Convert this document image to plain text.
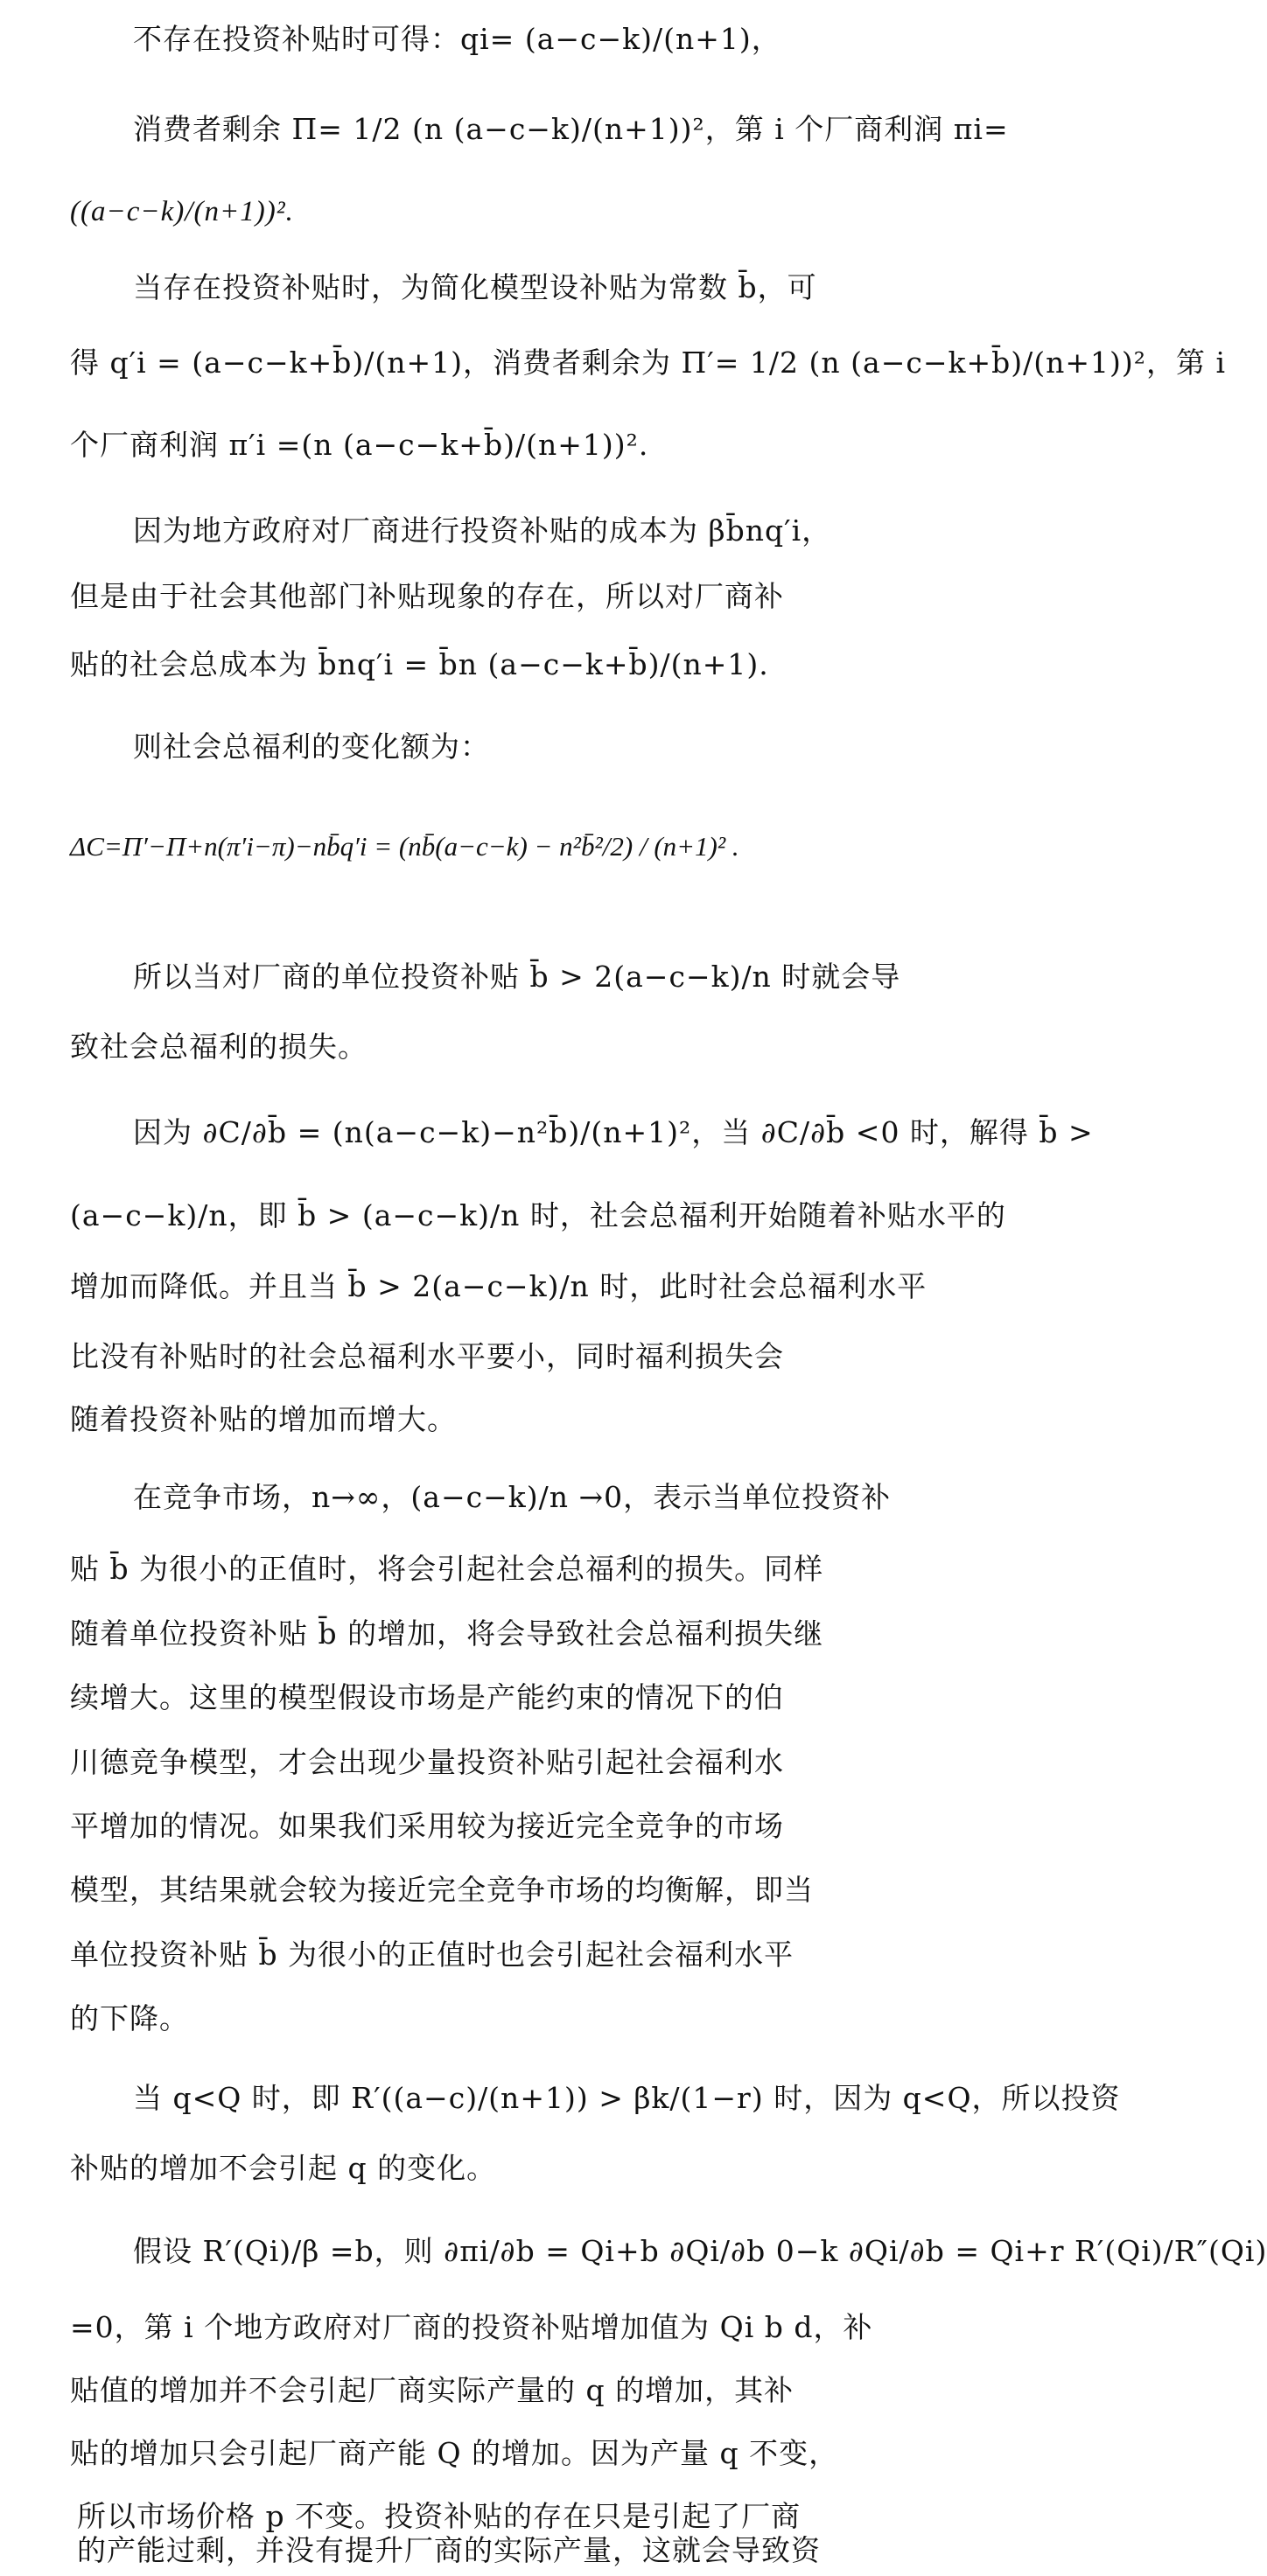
不存在投资补贴时可得：qi= (a−c−k)/(n+1)，
消费者剩余 Π= 1/2 (n (a−c−k)/(n+1))²，第 i 个厂商利润 πi=
((a−c−k)/(n+1))².
当存在投资补贴时，为简化模型设补贴为常数 b̄，可
得 q′i = (a−c−k+b̄)/(n+1)，消费者剩余为 Π′= 1/2 (n (a−c−k+b̄)/(n+1))²，第 i
个厂商利润 π′i =(n (a−c−k+b̄)/(n+1))².
因为地方政府对厂商进行投资补贴的成本为 βb̄nq′i，
但是由于社会其他部门补贴现象的存在，所以对厂商补
贴的社会总成本为 b̄nq′i = b̄n (a−c−k+b̄)/(n+1).
则社会总福利的变化额为：
ΔC=Π′−Π+n(π′i−π)−nb̄q′i = (nb̄(a−c−k) − n²b̄²/2) / (n+1)² .
所以当对厂商的单位投资补贴 b̄ > 2(a−c−k)/n 时就会导
致社会总福利的损失。
因为 ∂C/∂b̄ = (n(a−c−k)−n²b̄)/(n+1)²，当 ∂C/∂b̄ <0 时，解得 b̄ >
(a−c−k)/n，即 b̄ > (a−c−k)/n 时，社会总福利开始随着补贴水平的
增加而降低。并且当 b̄ > 2(a−c−k)/n 时，此时社会总福利水平
比没有补贴时的社会总福利水平要小，同时福利损失会
随着投资补贴的增加而增大。
在竞争市场，n→∞，(a−c−k)/n →0，表示当单位投资补
贴 b̄ 为很小的正值时，将会引起社会总福利的损失。同样
随着单位投资补贴 b̄ 的增加，将会导致社会总福利损失继
续增大。这里的模型假设市场是产能约束的情况下的伯
川德竞争模型，才会出现少量投资补贴引起社会福利水
平增加的情况。如果我们采用较为接近完全竞争的市场
模型，其结果就会较为接近完全竞争市场的均衡解，即当
单位投资补贴 b̄ 为很小的正值时也会引起社会福利水平
的下降。
当 q<Q 时，即 R′((a−c)/(n+1)) > βk/(1−r) 时，因为 q<Q，所以投资
补贴的增加不会引起 q 的变化。
假设 R′(Qi)/β =b，则 ∂πi/∂b = Qi+b ∂Qi/∂b 0−k ∂Qi/∂b = Qi+r R′(Qi)/R″(Qi)
=0，第 i 个地方政府对厂商的投资补贴增加值为 Qi b d，补
贴值的增加并不会引起厂商实际产量的 q 的增加，其补
贴的增加只会引起厂商产能 Q 的增加。因为产量 q 不变，
所以市场价格 p 不变。投资补贴的存在只是引起了厂商
的产能过剩，并没有提升厂商的实际产量，这就会导致资
